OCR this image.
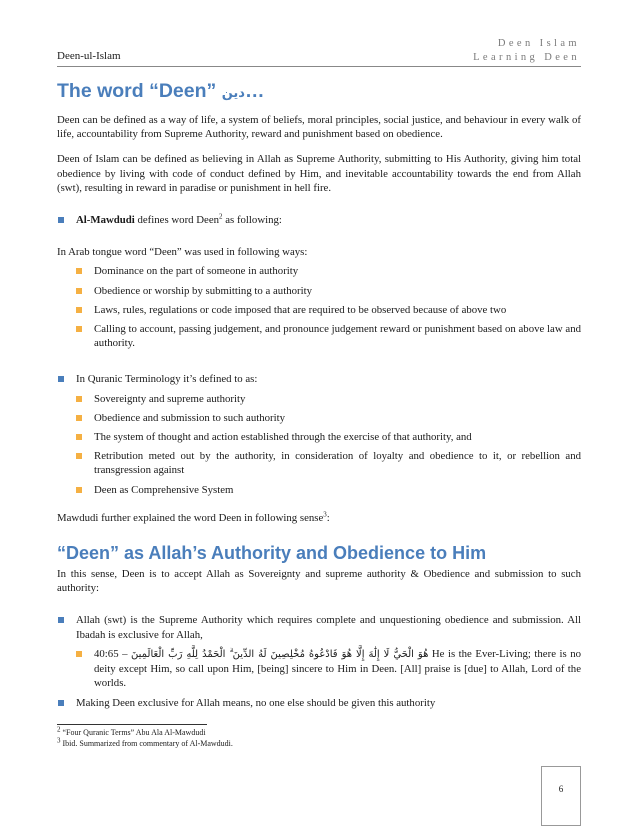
Deen Islam
Learning Deen
Deen-ul-Islam
The word “Deen” دين…

Deen can be defined as a way of life, a system of beliefs, moral principles, social justice, and behaviour in every walk of life, accountability from Supreme Authority, reward and punishment based on obedience.

Deen of Islam can be defined as believing in Allah as Supreme Authority, submitting to His Authority, giving him total obedience by living with code of conduct defined by Him, and inevitable accountability towards the end from Allah (swt), resulting in reward in paradise or punishment in hell fire.

Al-Mawdudi defines word Deen$^2$ as following:

In Arab tongue word “Deen” was used in following ways:

Dominance on the part of someone in authority
Obedience or worship by submitting to a authority
Laws, rules, regulations or code imposed that are required to be observed because of above two
Calling to account, passing judgement, and pronounce judgement reward or punishment based on above law and authority.
In Quranic Terminology it’s defined to as:
Sovereignty and supreme authority
Obedience and submission to such authority
The system of thought and action established through the exercise of that authority, and
Retribution meted out by the authority, in consideration of loyalty and obedience to it, or rebellion and transgression against
Deen as Comprehensive System

Mawdudi further explained the word Deen in following sense$^3$:

“Deen” as Allah’s Authority and Obedience to Him

In this sense, Deen is to accept Allah as Sovereignty and supreme authority & Obedience and submission to such authority:

Allah (swt) is the Supreme Authority which requires complete and unquestioning obedience and submission. All Ibadah is exclusive for Allah,
هُوَ الْحَيُّ لَا إِلَٰهَ إِلَّا هُوَ فَادْعُوهُ مُخْلِصِينَ لَهُ الدِّينَ ۗ الْحَمْدُ لِلَّهِ رَبِّ الْعَالَمِينَ – 40:65 He is the Ever-Living; there is no deity except Him, so call upon Him, [being] sincere to Him in Deen. [All] praise is [due] to Allah, Lord of the worlds.
Making Deen exclusive for Allah means, no one else should be given this authority
$^2$ “Four Quranic Terms” Abu Ala Al-Mawdudi
$^3$ Ibid. Summarized from commentary of Al-Mawdudi.
6
